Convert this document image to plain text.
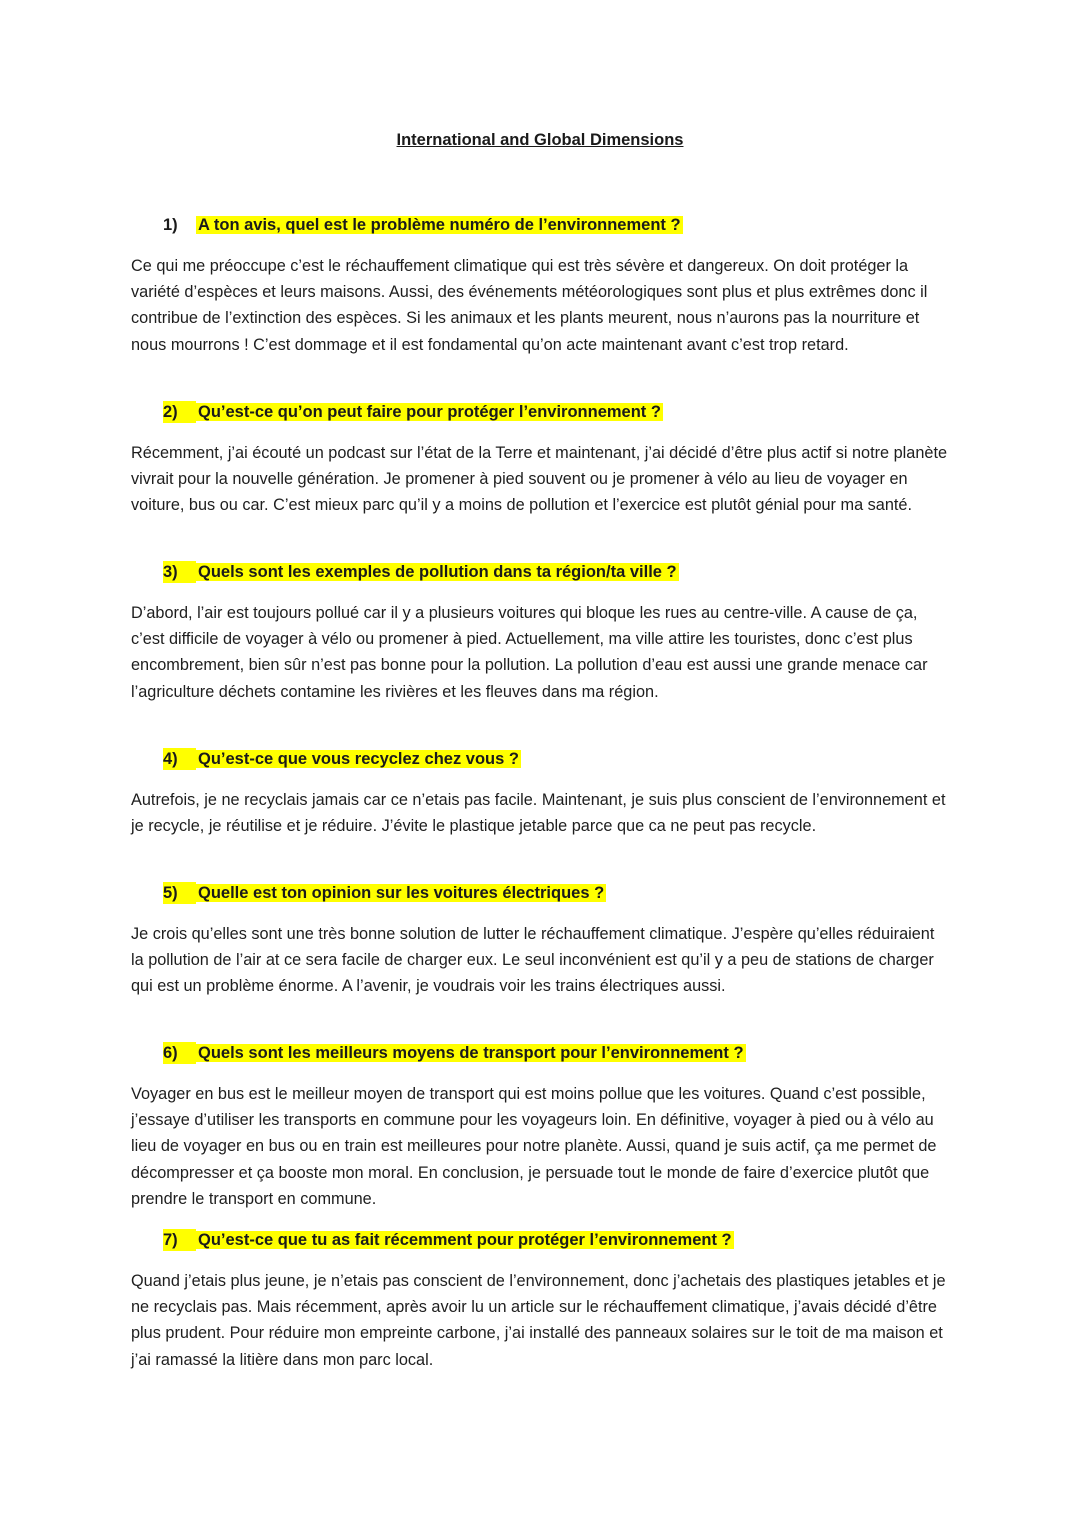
International and Global Dimensions
1) A ton avis, quel est le problème numéro de l’environnement ?
Ce qui me préoccupe c’est le réchauffement climatique qui est très sévère et dangereux. On doit protéger la variété d’espèces et leurs maisons. Aussi, des événements météorologiques sont plus et plus extrêmes donc il contribue de l’extinction des espèces. Si les animaux et les plants meurent, nous n’aurons pas la nourriture et nous mourrons ! C’est dommage et il est fondamental qu’on acte maintenant avant c’est trop retard.
2) Qu’est-ce qu’on peut faire pour protéger l’environnement ?
Récemment, j’ai écouté un podcast sur l’état de la Terre et maintenant, j’ai décidé d’être plus actif si notre planète vivrait pour la nouvelle génération. Je promener à pied souvent ou je promener à vélo au lieu de voyager en voiture, bus ou car. C’est mieux parc qu’il y a moins de pollution et l’exercice est plutôt génial pour ma santé.
3) Quels sont les exemples de pollution dans ta région/ta ville ?
D’abord, l’air est toujours pollué car il y a plusieurs voitures qui bloque les rues au centre-ville. A cause de ça, c’est difficile de voyager à vélo ou promener à pied. Actuellement, ma ville attire les touristes, donc c’est plus encombrement, bien sûr n’est pas bonne pour la pollution. La pollution d’eau est aussi une grande menace car l’agriculture déchets contamine les rivières et les fleuves dans ma région.
4) Qu’est-ce que vous recyclez chez vous ?
Autrefois, je ne recyclais jamais car ce n’etais pas facile. Maintenant, je suis plus conscient de l’environnement et je recycle, je réutilise et je réduire. J’évite le plastique jetable parce que ca ne peut pas recycle.
5) Quelle est ton opinion sur les voitures électriques ?
Je crois qu’elles sont une très bonne solution de lutter le réchauffement climatique. J’espère qu’elles réduiraient la pollution de l’air at ce sera facile de charger eux. Le seul inconvénient est qu’il y a peu de stations de charger qui est un problème énorme. A l’avenir, je voudrais voir les trains électriques aussi.
6) Quels sont les meilleurs moyens de transport pour l’environnement ?
Voyager en bus est le meilleur moyen de transport qui est moins pollue que les voitures. Quand c’est possible, j’essaye d’utiliser les transports en commune pour les voyageurs loin. En définitive, voyager à pied ou à vélo au lieu de voyager en bus ou en train est meilleures pour notre planète. Aussi, quand je suis actif, ça me permet de décompresser et ça booste mon moral. En conclusion, je persuade tout le monde de faire d’exercice plutôt que prendre le transport en commune.
7) Qu’est-ce que tu as fait récemment pour protéger l’environnement ?
Quand j’etais plus jeune, je n’etais pas conscient de l’environnement, donc j’achetais des plastiques jetables et je ne recyclais pas. Mais récemment, après avoir lu un article sur le réchauffement climatique, j’avais décidé d’être plus prudent. Pour réduire mon empreinte carbone, j’ai installé des panneaux solaires sur le toit de ma maison et j’ai ramassé la litière dans mon parc local.
